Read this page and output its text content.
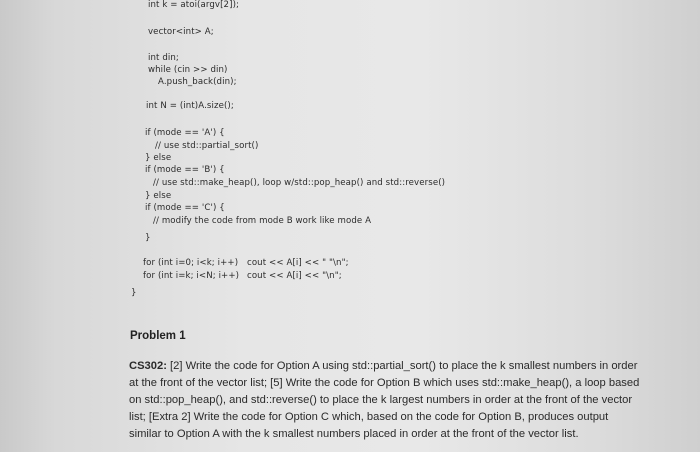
int k = atoi(argv[2]);
vector<int> A;
int din;
while (cin >> din)
A.push_back(din);
int N = (int)A.size();
if (mode == 'A') {
// use std::partial_sort()
} else
if (mode == 'B') {
// use std::make_heap(), loop w/std::pop_heap() and std::reverse()
} else
if (mode == 'C') {
// modify the code from mode B work like mode A
}
for (int i=0; i<k; i++) cout << A[i] << " "\n";
for (int i=k; i<N; i++) cout << A[i] << "\n";
}
Problem 1
CS302: [2] Write the code for Option A using std::partial_sort() to place the k smallest numbers in order
at the front of the vector list; [5] Write the code for Option B which uses std::make_heap(), a loop based
on std::pop_heap(), and std::reverse() to place the k largest numbers in order at the front of the vector
list; [Extra 2] Write the code for Option C which, based on the code for Option B, produces output
similar to Option A with the k smallest numbers placed in order at the front of the vector list.
